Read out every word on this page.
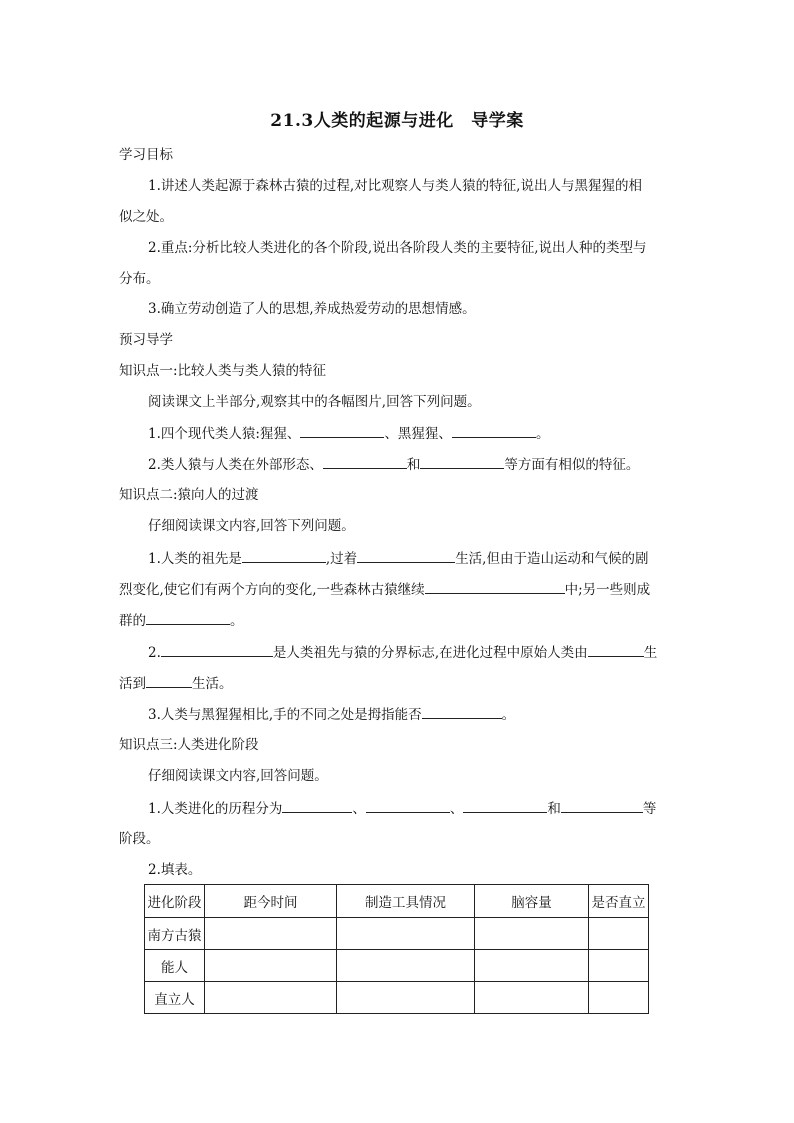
21.3人类的起源与进化　导学案
学习目标
1.讲述人类起源于森林古猿的过程,对比观察人与类人猿的特征,说出人与黑猩猩的相
似之处。
2.重点:分析比较人类进化的各个阶段,说出各阶段人类的主要特征,说出人种的类型与
分布。
3.确立劳动创造了人的思想,养成热爱劳动的思想情感。
预习导学
知识点一:比较人类与类人猿的特征
阅读课文上半部分,观察其中的各幅图片,回答下列问题。
1.四个现代类人猿:猩猩、	、黑猩猩、	。
2.类人猿与人类在外部形态、	和	等方面有相似的特征。
知识点二:猿向人的过渡
仔细阅读课文内容,回答下列问题。
1.人类的祖先是	,过着	生活,但由于造山运动和气候的剧
烈变化,使它们有两个方向的变化,一些森林古猿继续	中;另一些则成
群的	。
2.	是人类祖先与猿的分界标志,在进化过程中原始人类由	生
活到	生活。
3.人类与黑猩猩相比,手的不同之处是拇指能否	。
知识点三:人类进化阶段
仔细阅读课文内容,回答问题。
1.人类进化的历程分为	、	、	和	等
阶段。
2.填表。
进化阶段	距今时间	制造工具情况	脑容量	是否直立
南方古猿				
能人				
直立人				
